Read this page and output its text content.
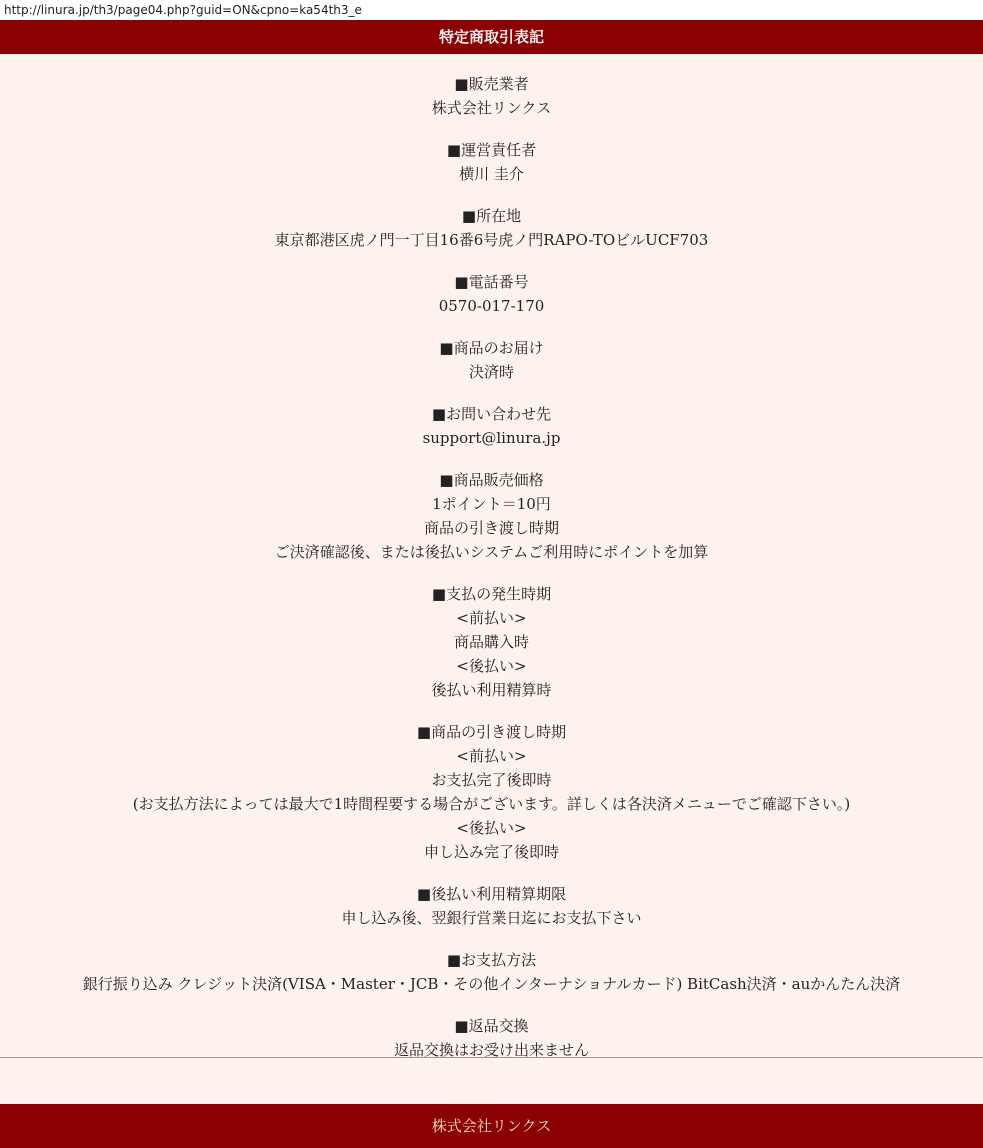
http://linura.jp/th3/page04.php?guid=ON&cpno=ka54th3_e
特定商取引表記
■販売業者
株式会社リンクス
■運営責任者
横川 圭介
■所在地
東京都港区虎ノ門一丁目16番6号虎ノ門RAPO-TOビルUCF703
■電話番号
0570-017-170
■商品のお届け
決済時
■お問い合わせ先
support@linura.jp
■商品販売価格
1ポイント＝10円
商品の引き渡し時期
ご決済確認後、または後払いシステムご利用時にポイントを加算
■支払の発生時期
<前払い>
商品購入時
<後払い>
後払い利用精算時
■商品の引き渡し時期
<前払い>
お支払完了後即時
(お支払方法によっては最大で1時間程要する場合がございます。詳しくは各決済メニューでご確認下さい。)
<後払い>
申し込み完了後即時
■後払い利用精算期限
申し込み後、翌銀行営業日迄にお支払下さい
■お支払方法
銀行振り込み クレジット決済(VISA・Master・JCB・その他インターナショナルカード) BitCash決済・auかんたん決済
■返品交換
返品交換はお受け出来ません
株式会社リンクス
